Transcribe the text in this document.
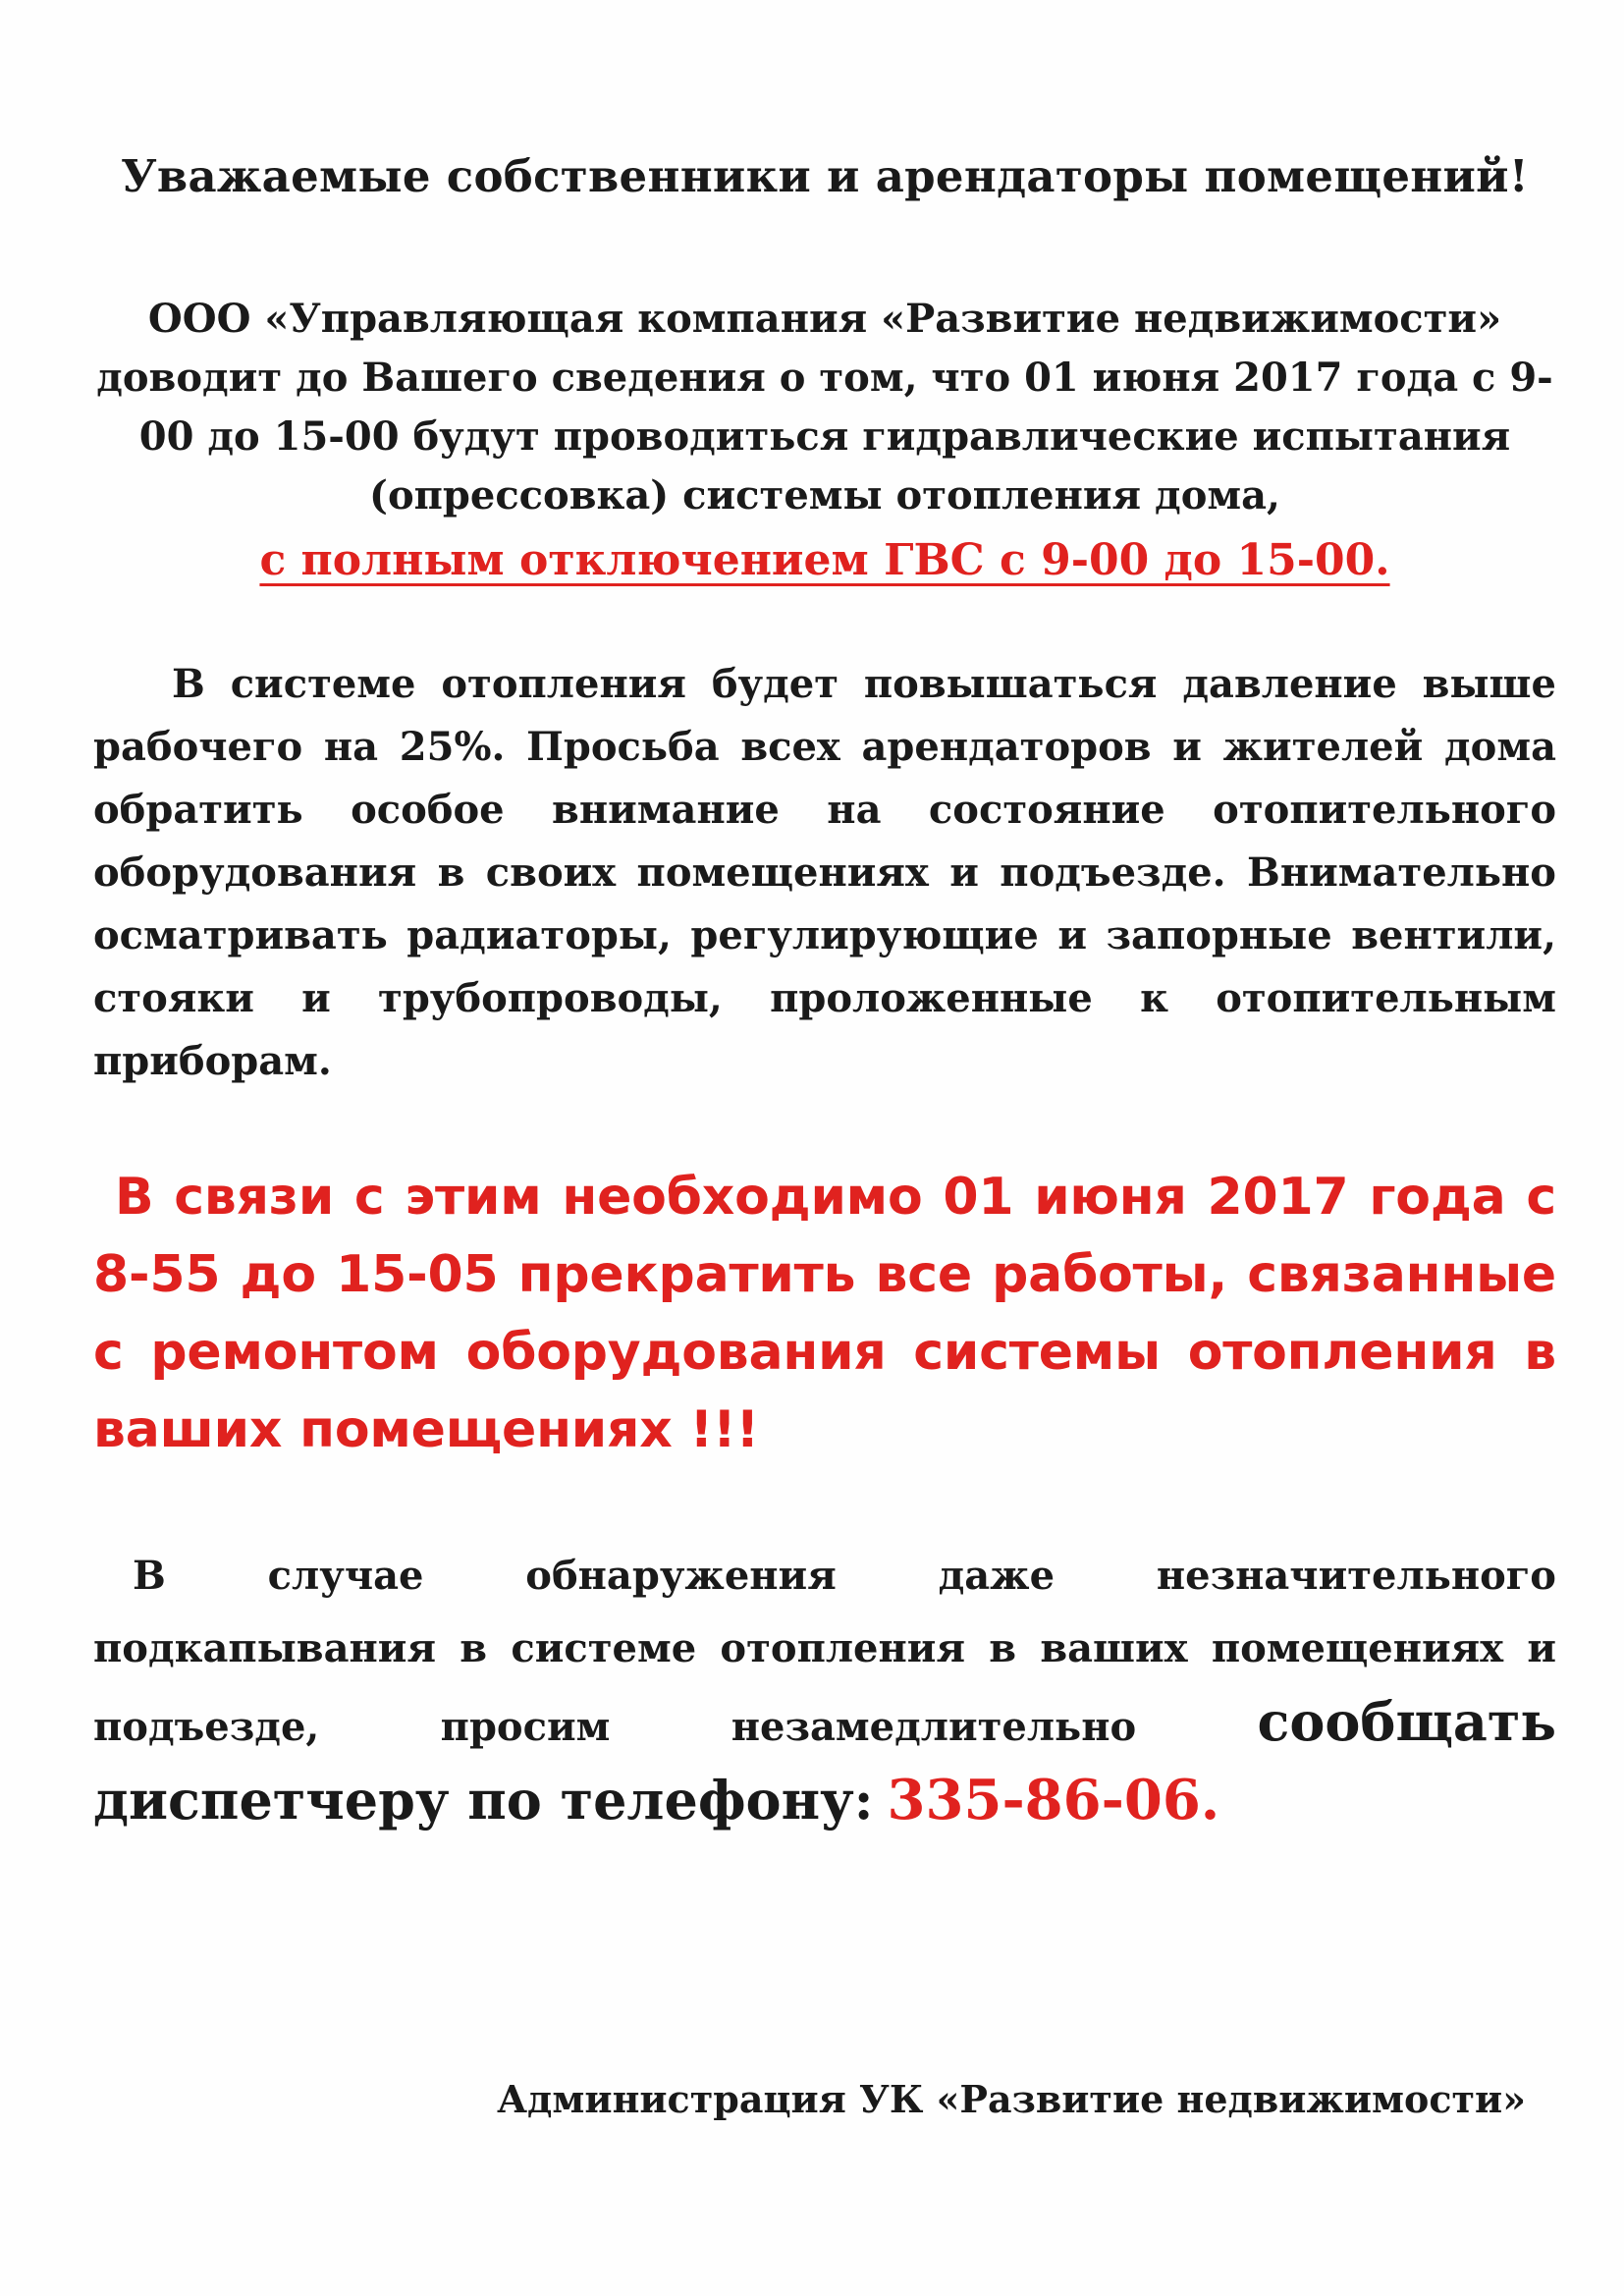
Уважаемые собственники и арендаторы помещений!
ООО «Управляющая компания «Развитие недвижимости» доводит до Вашего сведения о том, что 01 июня 2017 года с 9-00 до 15-00 будут проводиться гидравлические испытания (опрессовка) системы отопления дома,
с полным отключением ГВС с 9-00 до 15-00.
В системе отопления будет повышаться давление выше рабочего на 25%. Просьба всех арендаторов и жителей дома обратить особое внимание на состояние отопительного оборудования в своих помещениях и подъезде. Внимательно осматривать радиаторы, регулирующие и запорные вентили, стояки и трубопроводы, проложенные к отопительным приборам.
В связи с этим необходимо 01 июня 2017 года с 8-55 до 15-05 прекратить все работы, связанные с ремонтом оборудования системы отопления в ваших помещениях !!!
В случае обнаружения даже незначительного подкапывания в системе отопления в ваших помещениях и подъезде, просим незамедлительно сообщать диспетчеру по телефону: 335-86-06.
Администрация УК «Развитие недвижимости»
